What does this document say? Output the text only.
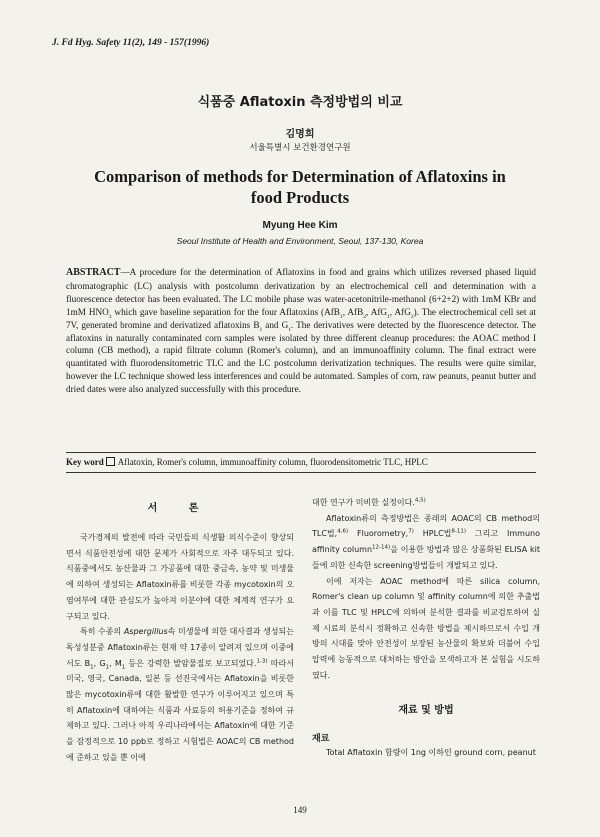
J. Fd Hyg. Safety 11(2), 149 - 157(1996)
식품중 Aflatoxin 측정방법의 비교
김명희
서울특별시 보건환경연구원
Comparison of methods for Determination of Aflatoxins in food Products
Myung Hee Kim
Seoul Institute of Health and Environment, Seoul, 137-130, Korea

ABSTRACT—A procedure for the determination of Aflatoxins in food and grains which utilizes reversed phased liquid chromatographic (LC) analysis with postcolumn derivatization by an electrochemical cell and determination with a fluorescence detector has been evaluated. The LC mobile phase was water-acetonitrile-methanol (6+2+2) with 1mM KBr and 1mM $HNO_3$ which gave baseline separation for the four Aflatoxins (AfB$_1$, AfB$_2$, AfG$_1$, AfG$_2$). The electrochemical cell set at 7V, generated bromine and derivatized aflatoxins $B_1$ and $G_1$. The derivatives were detected by the fluorescence detector. The aflatoxins in naturally contaminated corn samples were isolated by three different cleanup procedures: the AOAC method I column (CB method), a rapid filtrate column (Romer's column), and an immunoaffinity column. The final extract were quantitated with fluorodensitometric TLC and the LC postcolumn derivatization techniques. The results were quite similar, however the LC technique showed less interferences and could be automated. Samples of corn, raw peanuts, peanut butter and dried dates were also analyzed successfully with this procedure.

Key word Aflatoxin, Romer's column, immunoaffinity column, fluorodensitometric TLC, HPLC
서 론

국가경제의 발전에 따라 국민들의 식생활 의식수준이 향상되면서 식품안전성에 대한 문제가 사회적으로 자주 대두되고 있다. 식품중에서도 농산물과 그 가공품에 대한 중금속, 농약 및 미생물에 의하여 생성되는 Aflatoxin류를 비롯한 각종 mycotoxin의 오염여부에 대한 관심도가 높아져 이분야에 대한 체계적 연구가 요구되고 있다.

특히 수종의 Aspergillus속 미생물에 의한 대사결과 생성되는 독성성분중 Aflatoxin류는 현재 약 17종이 알려져 있으며 이중에서도 $B_1$, $G_1$, $M_1$ 등은 강력한 발암물질로 보고되었다.$^{1-3)}$ 따라서 미국, 영국, Canada, 일본 등 선진국에서는 Aflatoxin을 비롯한 많은 mycotoxin류에 대한 활발한 연구가 이루어지고 있으며 특히 Aflatoxin에 대하여는 식품과 사료등의 허용기준을 정하여 규제하고 있다. 그러나 아직 우리나라에서는 Aflatoxin에 대한 기준을 잠정적으로 10 ppb로 정하고 시험법은 AOAC의 CB method에 준하고 있을 뿐 이에

대한 연구가 미비한 실정이다.$^{4,5)}$

Aflatoxin류의 측정방법은 종래의 AOAC의 CB method의 TLC법,$^{4,6)}$ Fluorometry,$^{7)}$ HPLC법$^{8-11)}$ 그리고 Immuno affinity column$^{12-14)}$을 이용한 방법과 많은 상품화된 ELISA kit들에 의한 신속한 screening방법들이 개발되고 있다.

이에 저자는 AOAC method에 따른 silica column, Romer's clean up column 및 affinity column에 의한 추출법과 이를 TLC 및 HPLC에 의하여 분석한 결과를 비교검토하여 실제 시료의 분석시 정확하고 신속한 방법을 제시하므로서 수입 개방의 시대를 맞아 안전성이 보장된 농산물의 확보와 더불어 수입압력에 능동적으로 대처하는 방안을 모색하고자 본 실험을 시도하였다.

재료 및 방법
재료

Total Aflatoxin 함량이 1ng 이하인 ground corn, peanut

149
